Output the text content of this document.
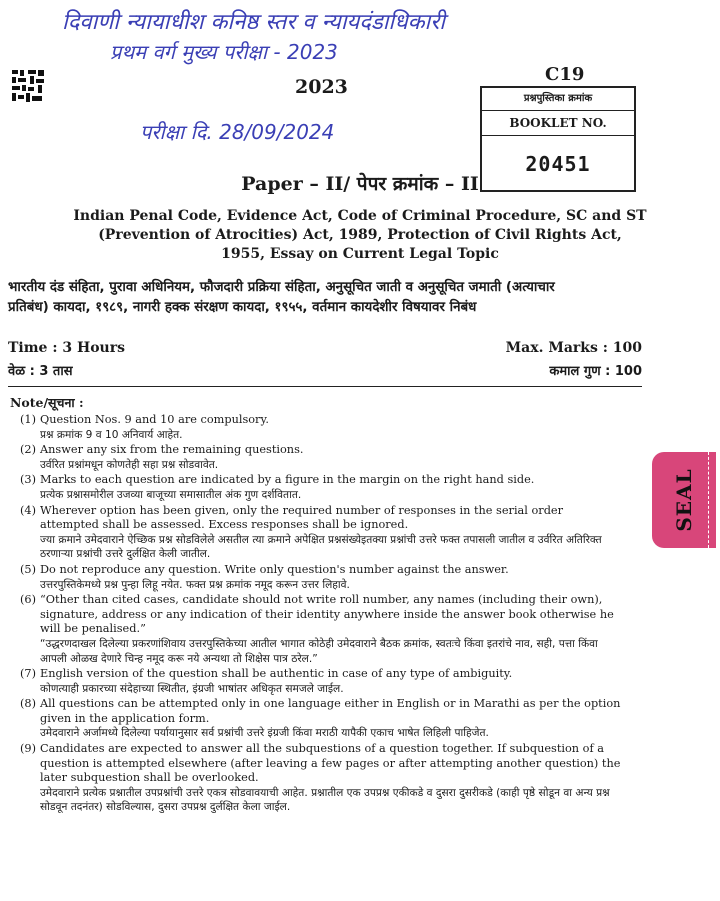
दिवाणी न्यायाधीश कनिष्ठ स्तर व न्यायदंडाधिकारी
प्रथम वर्ग मुख्य परीक्षा - 2023
परीक्षा दि. 28/09/2024
2023
C19
प्रश्नपुस्तिका क्रमांक
BOOKLET NO.
20451
Paper – II/ पेपर क्रमांक – II
Indian Penal Code, Evidence Act, Code of Criminal Procedure, SC and ST
(Prevention of Atrocities) Act, 1989, Protection of Civil Rights Act,
1955, Essay on Current Legal Topic
भारतीय दंड संहिता, पुरावा अधिनियम, फौजदारी प्रक्रिया संहिता, अनुसूचित जाती व अनुसूचित जमाती (अत्याचार
प्रतिबंध) कायदा, १९८९, नागरी हक्क संरक्षण कायदा, १९५५, वर्तमान कायदेशीर विषयावर निबंध
Time : 3 Hours
वेळ : 3 तास
Max. Marks : 100
कमाल गुण : 100
Note/सूचना :
(1) Question Nos. 9 and 10 are compulsory.
प्रश्न क्रमांक 9 व 10 अनिवार्य आहेत.
(2) Answer any six from the remaining questions.
उर्वरित प्रश्नांमधून कोणतेही सहा प्रश्न सोडवावेत.
(3) Marks to each question are indicated by a figure in the margin on the right hand side.
प्रत्येक प्रश्नासमोरील उजव्या बाजूच्या समासातील अंक गुण दर्शवितात.
(4) Wherever option has been given, only the required number of responses in the serial order attempted shall be assessed. Excess responses shall be ignored.
ज्या क्रमाने उमेदवाराने ऐच्छिक प्रश्न सोडविलेले असतील त्या क्रमाने अपेक्षित प्रश्नसंख्येइतक्या प्रश्नांची उत्तरे फक्त तपासली जातील व उर्वरित अतिरिक्त ठरणाऱ्या प्रश्नांची उत्तरे दुर्लक्षित केली जातील.
(5) Do not reproduce any question. Write only question's number against the answer.
उत्तरपुस्तिकेमध्ये प्रश्न पुन्हा लिहू नयेत. फक्त प्रश्न क्रमांक नमूद करून उत्तर लिहावे.
(6) “Other than cited cases, candidate should not write roll number, any names (including their own), signature, address or any indication of their identity anywhere inside the answer book otherwise he will be penalised.”
“उद्धरणदाखल दिलेल्या प्रकरणांशिवाय उत्तरपुस्तिकेच्या आतील भागात कोठेही उमेदवाराने बैठक क्रमांक, स्वतःचे किंवा इतरांचे नाव, सही, पत्ता किंवा आपली ओळख देणारे चिन्ह नमूद करू नये अन्यथा तो शिक्षेस पात्र ठरेल.”
(7) English version of the question shall be authentic in case of any type of ambiguity.
कोणत्याही प्रकारच्या संदेहाच्या स्थितीत, इंग्रजी भाषांतर अधिकृत समजले जाईल.
(8) All questions can be attempted only in one language either in English or in Marathi as per the option given in the application form.
उमेदवाराने अर्जामध्ये दिलेल्या पर्यायानुसार सर्व प्रश्नांची उत्तरे इंग्रजी किंवा मराठी यापैकी एकाच भाषेत लिहिली पाहिजेत.
(9) Candidates are expected to answer all the subquestions of a question together. If subquestion of a question is attempted elsewhere (after leaving a few pages or after attempting another question) the later subquestion shall be overlooked.
उमेदवाराने प्रत्येक प्रश्नातील उपप्रश्नांची उत्तरे एकत्र सोडवावयाची आहेत. प्रश्नातील एक उपप्रश्न एकीकडे व दुसरा दुसरीकडे (काही पृष्ठे सोडून वा अन्य प्रश्न सोडवून तदनंतर) सोडविल्यास, दुसरा उपप्रश्न दुर्लक्षित केला जाईल.
SEAL
